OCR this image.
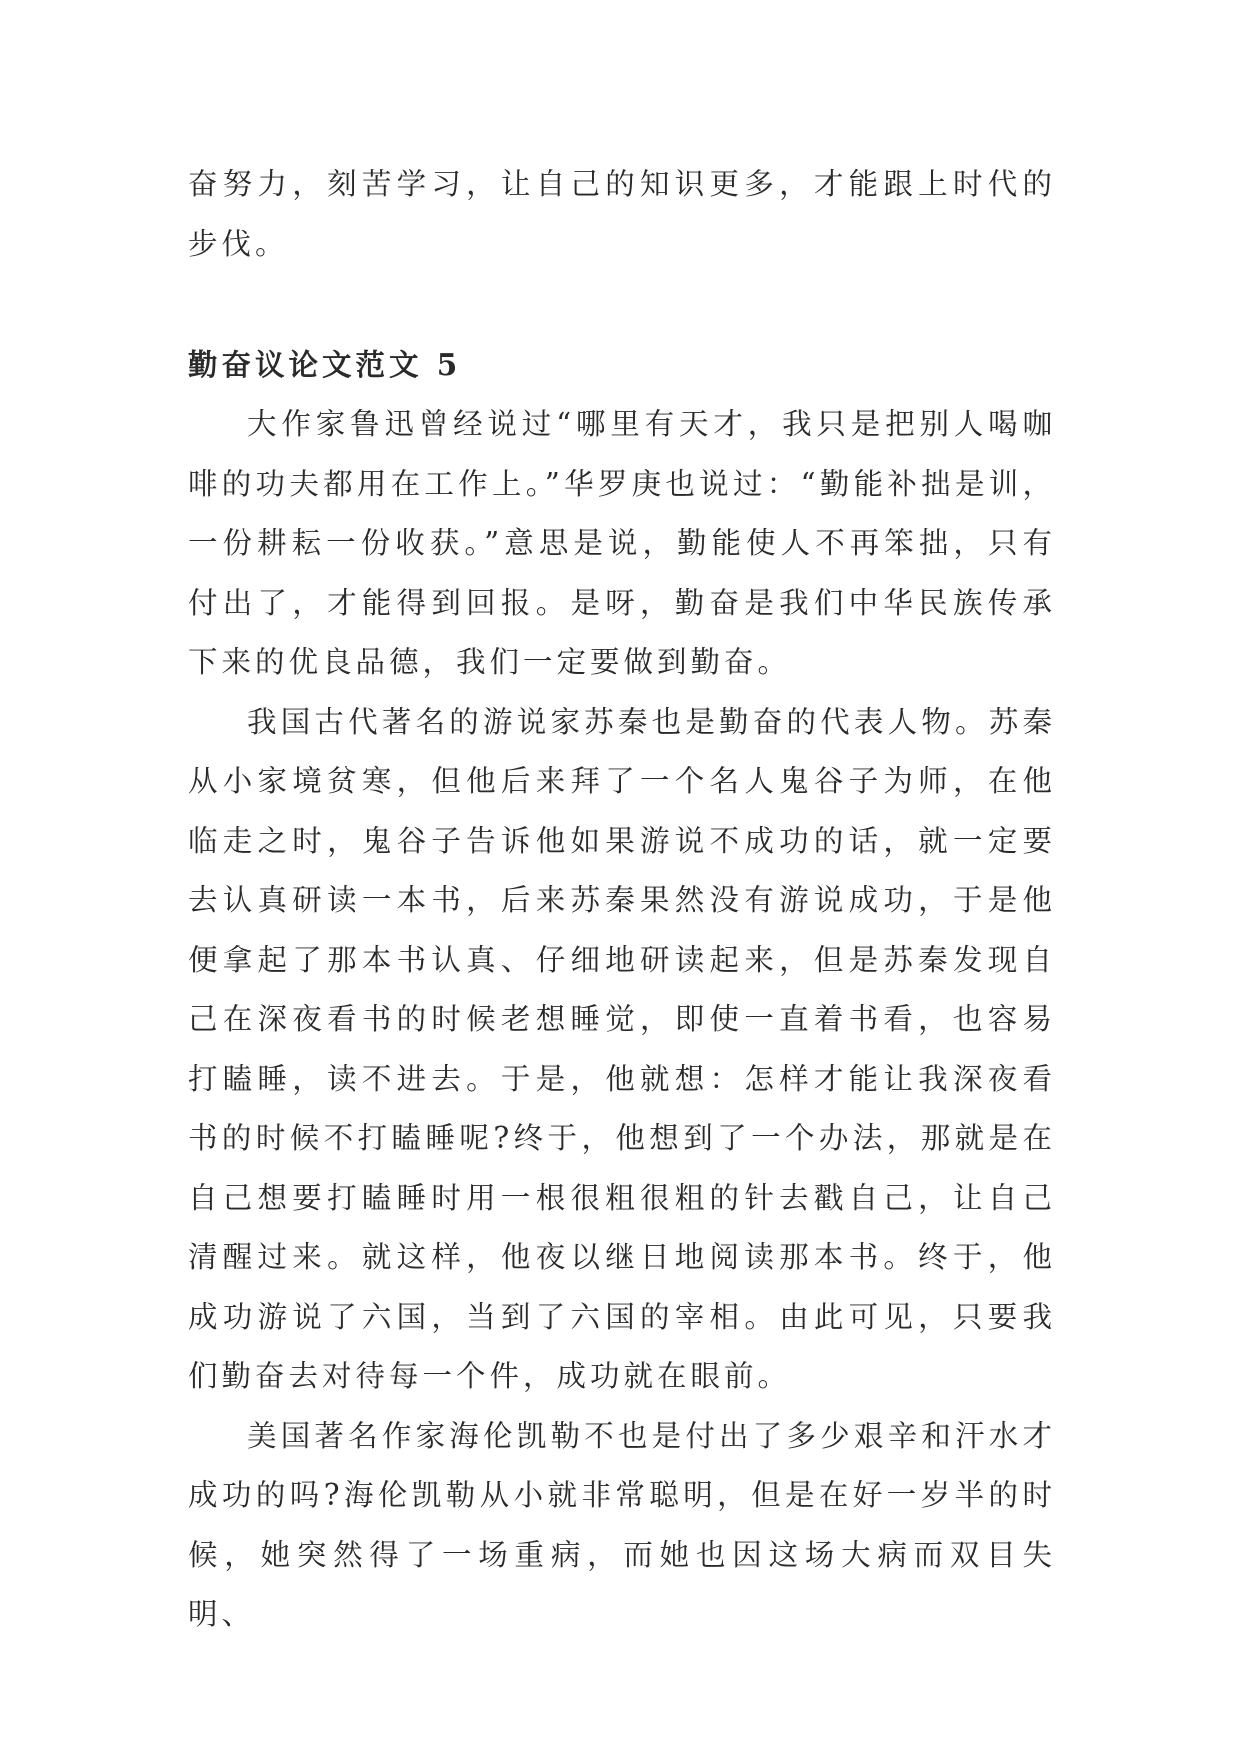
奋努力，刻苦学习，让自己的知识更多，才能跟上时代的步伐。

勤奋议论文范文 5

大作家鲁迅曾经说过“哪里有天才，我只是把别人喝咖啡的功夫都用在工作上。”华罗庚也说过：“勤能补拙是训，一份耕耘一份收获。”意思是说，勤能使人不再笨拙，只有付出了，才能得到回报。是呀，勤奋是我们中华民族传承下来的优良品德，我们一定要做到勤奋。

我国古代著名的游说家苏秦也是勤奋的代表人物。苏秦从小家境贫寒，但他后来拜了一个名人鬼谷子为师，在他临走之时，鬼谷子告诉他如果游说不成功的话，就一定要去认真研读一本书，后来苏秦果然没有游说成功，于是他便拿起了那本书认真、仔细地研读起来，但是苏秦发现自己在深夜看书的时候老想睡觉，即使一直着书看，也容易打瞌睡，读不进去。于是，他就想：怎样才能让我深夜看书的时候不打瞌睡呢?终于，他想到了一个办法，那就是在自己想要打瞌睡时用一根很粗很粗的针去戳自己，让自己清醒过来。就这样，他夜以继日地阅读那本书。终于，他成功游说了六国，当到了六国的宰相。由此可见，只要我们勤奋去对待每一个件，成功就在眼前。

美国著名作家海伦凯勒不也是付出了多少艰辛和汗水才成功的吗?海伦凯勒从小就非常聪明，但是在好一岁半的时候，她突然得了一场重病，而她也因这场大病而双目失明、
